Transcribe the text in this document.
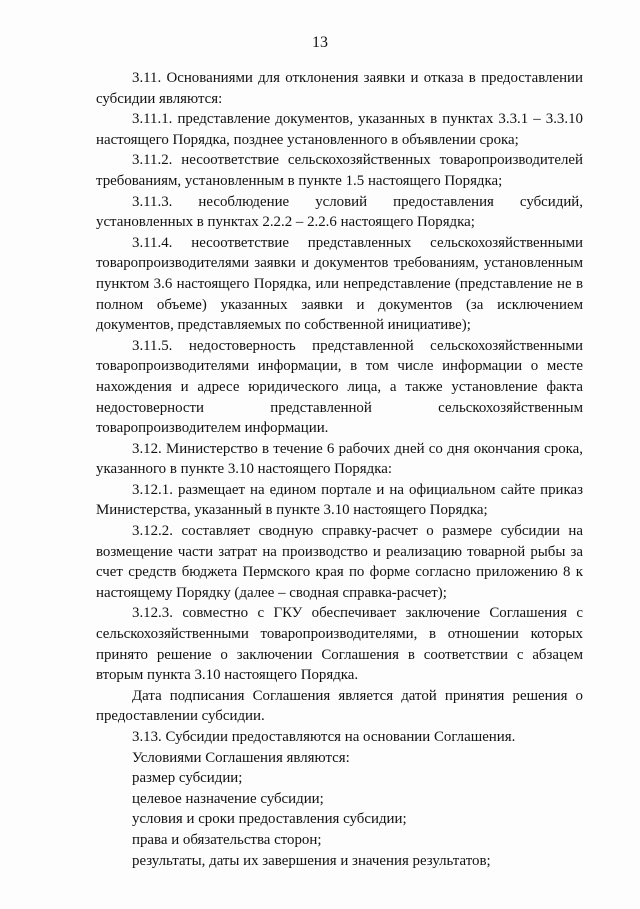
13

3.11. Основаниями для отклонения заявки и отказа в предоставлении субсидии являются:

3.11.1. представление документов, указанных в пунктах 3.3.1 – 3.3.10 настоящего Порядка, позднее установленного в объявлении срока;

3.11.2. несоответствие сельскохозяйственных товаропроизводителей требованиям, установленным в пункте 1.5 настоящего Порядка;

3.11.3. несоблюдение условий предоставления субсидий, установленных в пунктах 2.2.2 – 2.2.6 настоящего Порядка;

3.11.4. несоответствие представленных сельскохозяйственными товаропроизводителями заявки и документов требованиям, установленным пунктом 3.6 настоящего Порядка, или непредставление (представление не в полном объеме) указанных заявки и документов (за исключением документов, представляемых по собственной инициативе);

3.11.5. недостоверность представленной сельскохозяйственными товаропроизводителями информации, в том числе информации о месте нахождения и адресе юридического лица, а также установление факта недостоверности представленной сельскохозяйственным товаропроизводителем информации.

3.12. Министерство в течение 6 рабочих дней со дня окончания срока, указанного в пункте 3.10 настоящего Порядка:

3.12.1. размещает на едином портале и на официальном сайте приказ Министерства, указанный в пункте 3.10 настоящего Порядка;

3.12.2. составляет сводную справку-расчет о размере субсидии на возмещение части затрат на производство и реализацию товарной рыбы за счет средств бюджета Пермского края по форме согласно приложению 8 к настоящему Порядку (далее – сводная справка-расчет);

3.12.3. совместно с ГКУ обеспечивает заключение Соглашения с сельскохозяйственными товаропроизводителями, в отношении которых принято решение о заключении Соглашения в соответствии с абзацем вторым пункта 3.10 настоящего Порядка.

Дата подписания Соглашения является датой принятия решения о предоставлении субсидии.

3.13. Субсидии предоставляются на основании Соглашения.

Условиями Соглашения являются:

размер субсидии;

целевое назначение субсидии;

условия и сроки предоставления субсидии;

права и обязательства сторон;

результаты, даты их завершения и значения результатов;
